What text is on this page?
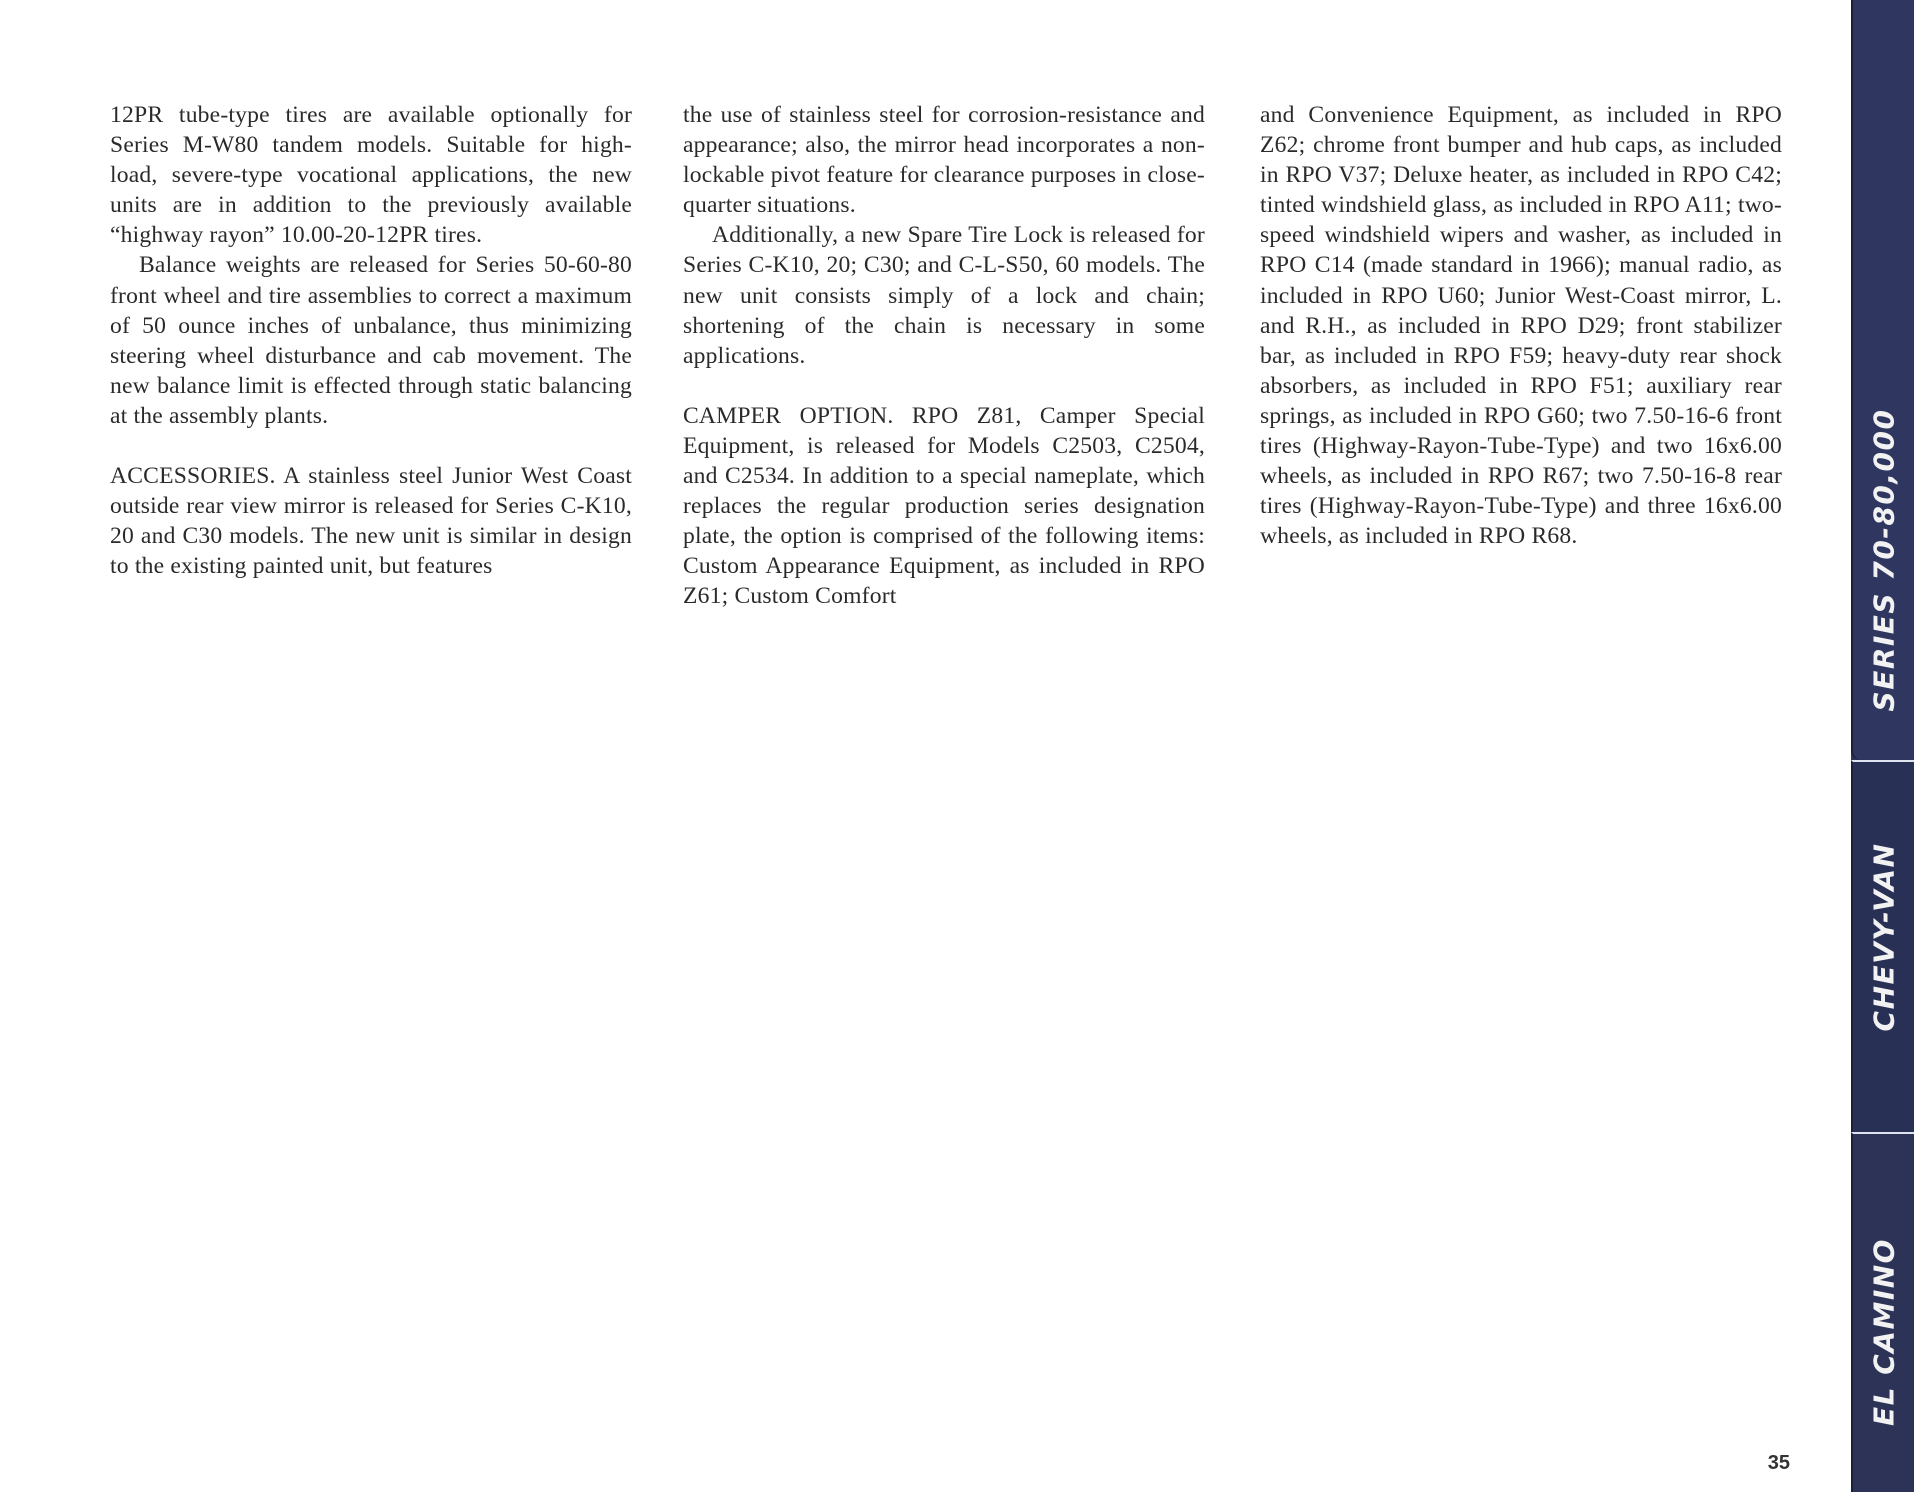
12PR tube-type tires are available optionally for Series M-W80 tandem models. Suitable for high-load, severe-type vocational applications, the new units are in addition to the previously available “highway rayon” 10.00-20-12PR tires.

Balance weights are released for Series 50-60-80 front wheel and tire assemblies to correct a maximum of 50 ounce inches of unbalance, thus minimizing steering wheel disturbance and cab movement. The new balance limit is effected through static balancing at the assembly plants.

ACCESSORIES. A stainless steel Junior West Coast outside rear view mirror is released for Series C-K10, 20 and C30 models. The new unit is similar in design to the existing painted unit, but features

the use of stainless steel for corrosion-resistance and appearance; also, the mirror head incorporates a non-lockable pivot feature for clearance purposes in close-quarter situations.

Additionally, a new Spare Tire Lock is released for Series C-K10, 20; C30; and C-L-S50, 60 models. The new unit consists simply of a lock and chain; shortening of the chain is necessary in some applications.

CAMPER OPTION. RPO Z81, Camper Special Equipment, is released for Models C2503, C2504, and C2534. In addition to a special nameplate, which replaces the regular production series designation plate, the option is comprised of the following items: Custom Appearance Equipment, as included in RPO Z61; Custom Comfort

and Convenience Equipment, as included in RPO Z62; chrome front bumper and hub caps, as included in RPO V37; Deluxe heater, as included in RPO C42; tinted windshield glass, as included in RPO A11; two-speed windshield wipers and washer, as included in RPO C14 (made standard in 1966); manual radio, as included in RPO U60; Junior West-Coast mirror, L. and R.H., as included in RPO D29; front stabilizer bar, as included in RPO F59; heavy-duty rear shock absorbers, as included in RPO F51; auxiliary rear springs, as included in RPO G60; two 7.50-16-6 front tires (Highway-Rayon-Tube-Type) and two 16x6.00 wheels, as included in RPO R67; two 7.50-16-8 rear tires (Highway-Rayon-Tube-Type) and three 16x6.00 wheels, as included in RPO R68.	SERIES 70-80,000
CHEVY-VAN
EL CAMINO
35
